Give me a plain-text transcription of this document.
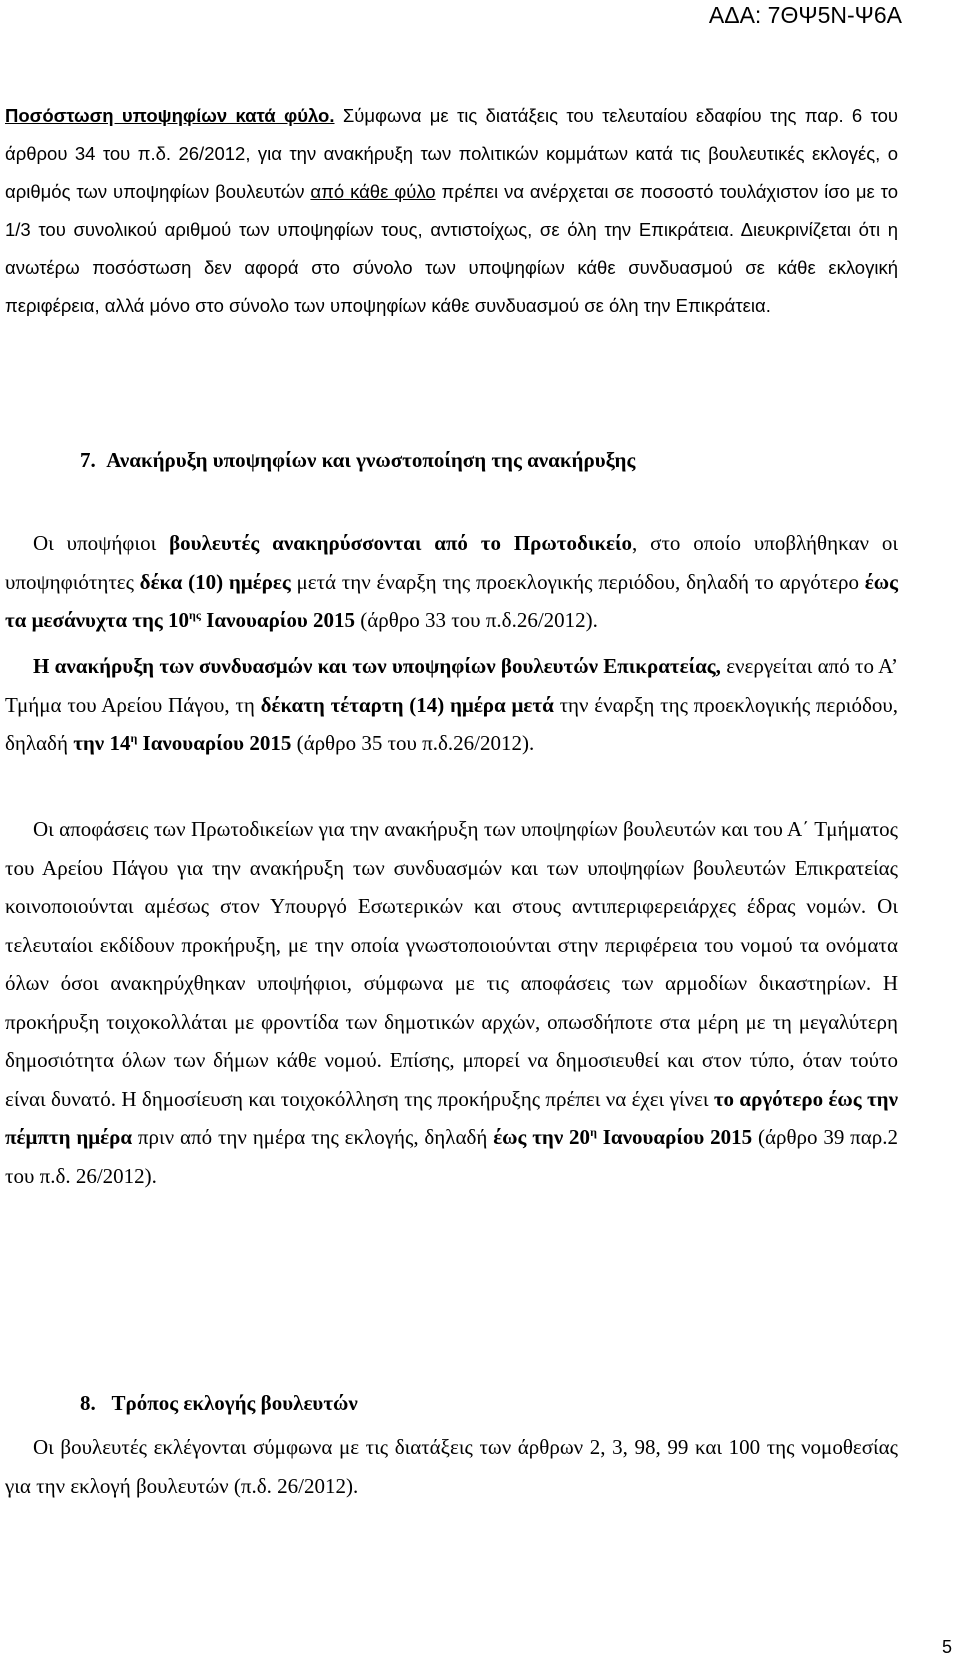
ΑΔΑ: 7ΘΨ5Ν-Ψ6Α

Ποσόστωση υποψηφίων κατά φύλο. Σύμφωνα με τις διατάξεις του τελευταίου εδαφίου της παρ. 6 του άρθρου 34 του π.δ. 26/2012, για την ανακήρυξη των πολιτικών κομμάτων κατά τις βουλευτικές εκλογές, ο αριθμός των υποψηφίων βουλευτών από κάθε φύλο πρέπει να ανέρχεται σε ποσοστό τουλάχιστον ίσο με το 1/3 του συνολικού αριθμού των υποψηφίων τους, αντιστοίχως, σε όλη την Επικράτεια. Διευκρινίζεται ότι η ανωτέρω ποσόστωση δεν αφορά στο σύνολο των υποψηφίων κάθε συνδυασμού σε κάθε εκλογική περιφέρεια, αλλά μόνο στο σύνολο των υποψηφίων κάθε συνδυασμού σε όλη την Επικράτεια.

7. Ανακήρυξη υποψηφίων και γνωστοποίηση της ανακήρυξης

Οι υποψήφιοι βουλευτές ανακηρύσσονται από το Πρωτοδικείο, στο οποίο υποβλήθηκαν οι υποψηφιότητες δέκα (10) ημέρες μετά την έναρξη της προεκλογικής περιόδου, δηλαδή το αργότερο έως τα μεσάνυχτα της $10^{\eta\varsigma}$ Ιανουαρίου 2015 (άρθρο 33 του π.δ.26/2012).

Η ανακήρυξη των συνδυασμών και των υποψηφίων βουλευτών Επικρατείας, ενεργείται από το Α’ Τμήμα του Αρείου Πάγου, τη δέκατη τέταρτη (14) ημέρα μετά την έναρξη της προεκλογικής περιόδου, δηλαδή την $14^\eta$ Ιανουαρίου 2015 (άρθρο 35 του π.δ.26/2012).

Οι αποφάσεις των Πρωτοδικείων για την ανακήρυξη των υποψηφίων βουλευτών και του Α΄ Τμήματος του Αρείου Πάγου για την ανακήρυξη των συνδυασμών και των υποψηφίων βουλευτών Επικρατείας κοινοποιούνται αμέσως στον Υπουργό Εσωτερικών και στους αντιπεριφερειάρχες έδρας νομών. Οι τελευταίοι εκδίδουν προκήρυξη, με την οποία γνωστοποιούνται στην περιφέρεια του νομού τα ονόματα όλων όσοι ανακηρύχθηκαν υποψήφιοι, σύμφωνα με τις αποφάσεις των αρμοδίων δικαστηρίων. Η προκήρυξη τοιχοκολλάται με φροντίδα των δημοτικών αρχών, οπωσδήποτε στα μέρη με τη μεγαλύτερη δημοσιότητα όλων των δήμων κάθε νομού. Επίσης, μπορεί να δημοσιευθεί και στον τύπο, όταν τούτο είναι δυνατό. Η δημοσίευση και τοιχοκόλληση της προκήρυξης πρέπει να έχει γίνει το αργότερο έως την πέμπτη ημέρα πριν από την ημέρα της εκλογής, δηλαδή έως την $20^\eta$ Ιανουαρίου 2015 (άρθρο 39 παρ.2 του π.δ. 26/2012).

8. Τρόπος εκλογής βουλευτών

Οι βουλευτές εκλέγονται σύμφωνα με τις διατάξεις των άρθρων 2, 3, 98, 99 και 100 της νομοθεσίας για την εκλογή βουλευτών (π.δ. 26/2012).

5
